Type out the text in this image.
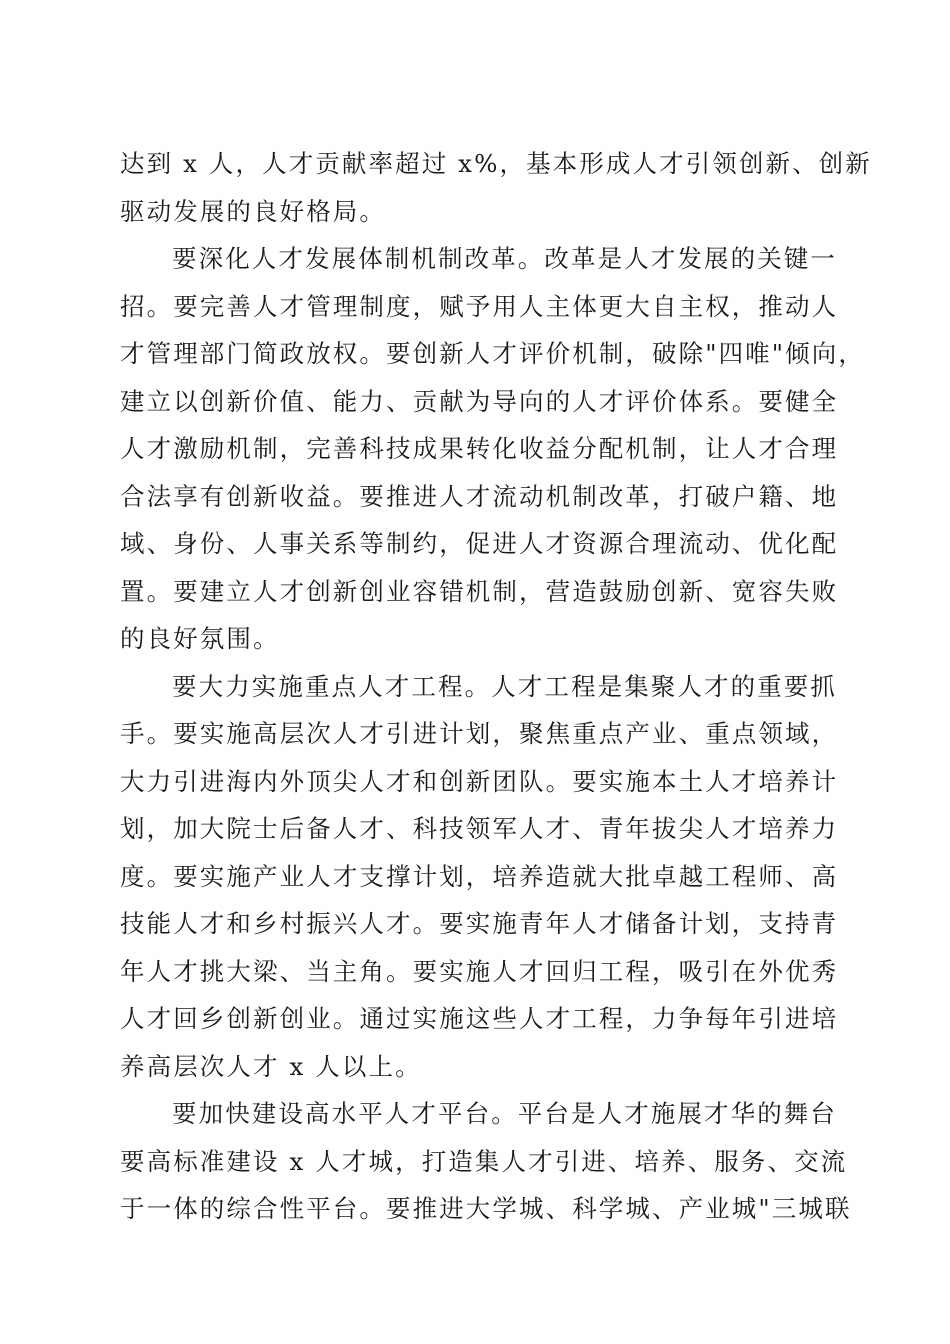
达到 x 人，人才贡献率超过 x%，基本形成人才引领创新、创新
驱动发展的良好格局。
要深化人才发展体制机制改革。改革是人才发展的关键一
招。要完善人才管理制度，赋予用人主体更大自主权，推动人
才管理部门简政放权。要创新人才评价机制，破除"四唯"倾向，
建立以创新价值、能力、贡献为导向的人才评价体系。要健全
人才激励机制，完善科技成果转化收益分配机制，让人才合理
合法享有创新收益。要推进人才流动机制改革，打破户籍、地
域、身份、人事关系等制约，促进人才资源合理流动、优化配
置。要建立人才创新创业容错机制，营造鼓励创新、宽容失败
的良好氛围。
要大力实施重点人才工程。人才工程是集聚人才的重要抓
手。要实施高层次人才引进计划，聚焦重点产业、重点领域，
大力引进海内外顶尖人才和创新团队。要实施本土人才培养计
划，加大院士后备人才、科技领军人才、青年拔尖人才培养力
度。要实施产业人才支撑计划，培养造就大批卓越工程师、高
技能人才和乡村振兴人才。要实施青年人才储备计划，支持青
年人才挑大梁、当主角。要实施人才回归工程，吸引在外优秀
人才回乡创新创业。通过实施这些人才工程，力争每年引进培
养高层次人才 x 人以上。
要加快建设高水平人才平台。平台是人才施展才华的舞台
要高标准建设 x 人才城，打造集人才引进、培养、服务、交流
于一体的综合性平台。要推进大学城、科学城、产业城"三城联
